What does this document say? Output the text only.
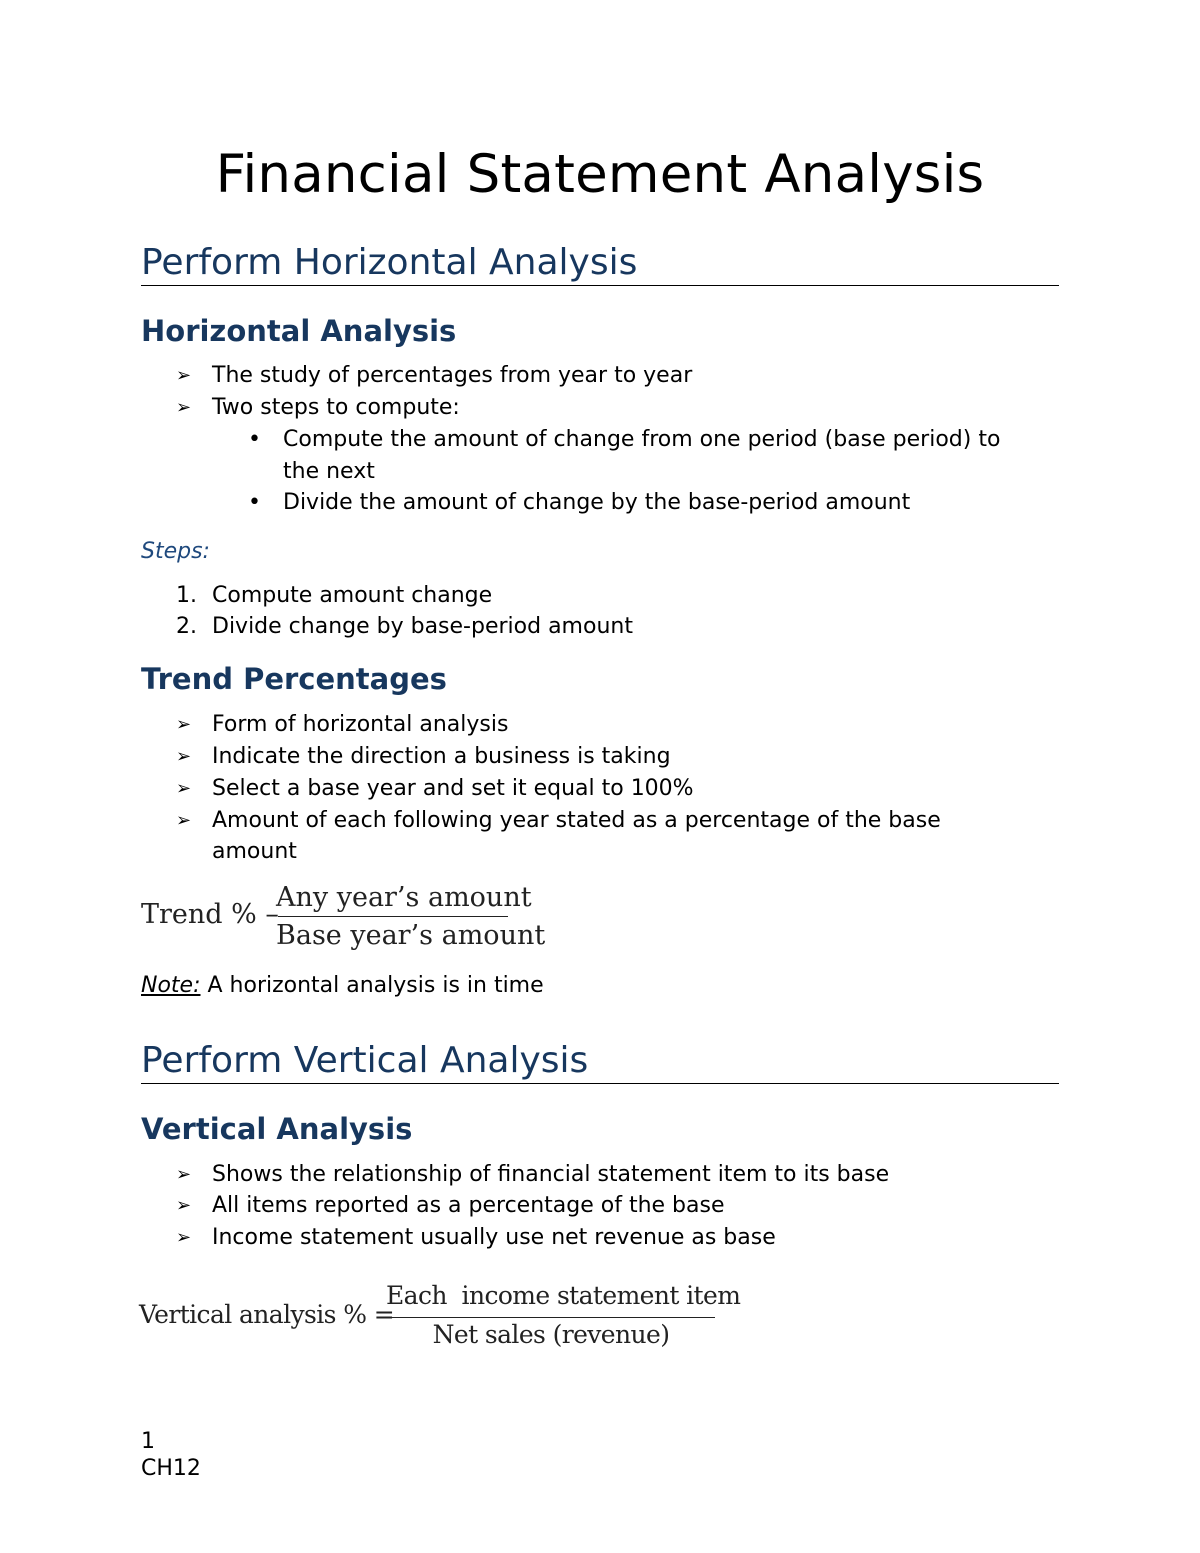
Financial Statement Analysis
Perform Horizontal Analysis
Horizontal Analysis
➢ The study of percentages from year to year
➢ Two steps to compute:
• Compute the amount of change from one period (base period) to
the next
• Divide the amount of change by the base-period amount
Steps:
1. Compute amount change
2. Divide change by base-period amount
Trend Percentages
➢ Form of horizontal analysis
➢ Indicate the direction a business is taking
➢ Select a base year and set it equal to 100%
➢ Amount of each following year stated as a percentage of the base
amount
Trend % –
Any year’s amount
Base year’s amount
Note: A horizontal analysis is in time
Perform Vertical Analysis
Vertical Analysis
➢ Shows the relationship of financial statement item to its base
➢ All items reported as a percentage of the base
➢ Income statement usually use net revenue as base
Vertical analysis % =
Each  income statement item
Net sales (revenue)
1
CH12
